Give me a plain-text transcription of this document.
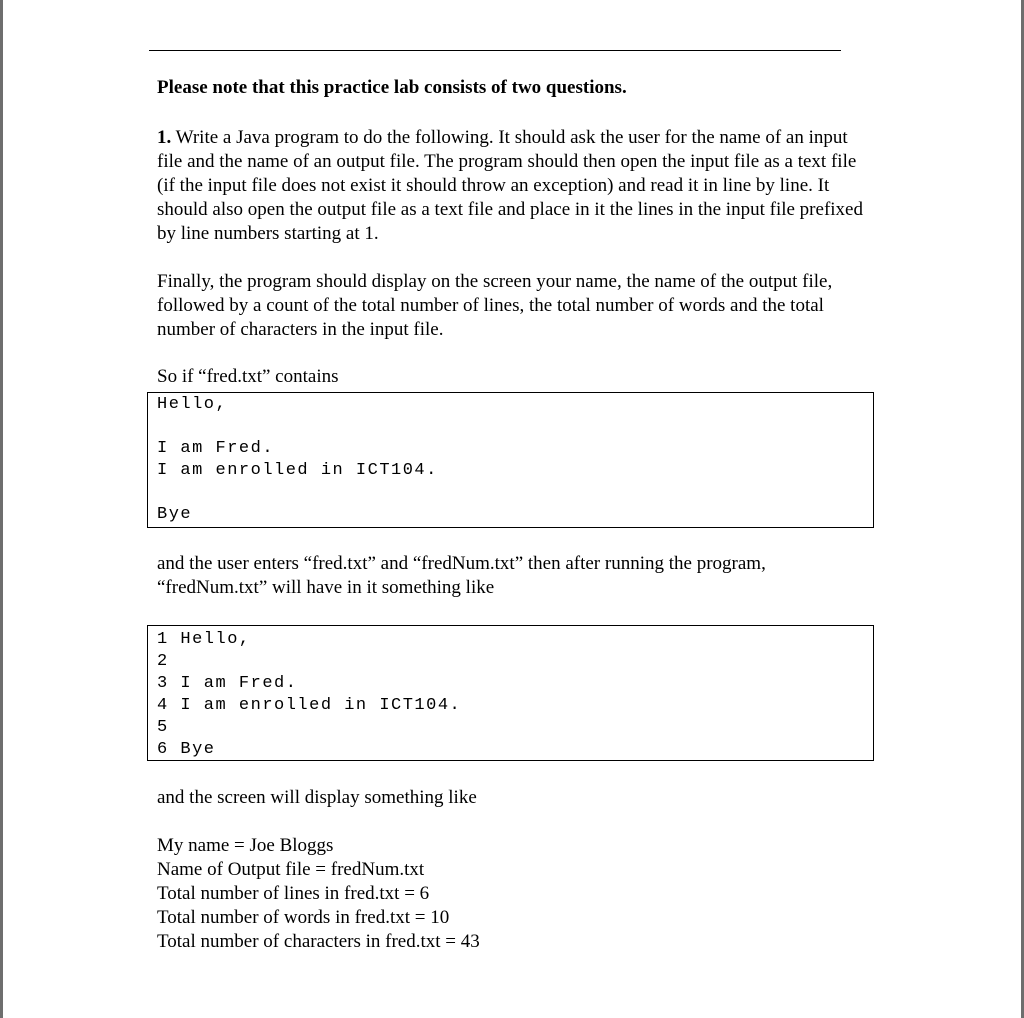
Please note that this practice lab consists of two questions.

1. Write a Java program to do the following. It should ask the user for the name of an input file and the name of an output file. The program should then open the input file as a text file (if the input file does not exist it should throw an exception) and read it in line by line. It should also open the output file as a text file and place in it the lines in the input file prefixed by line numbers starting at 1.

Finally, the program should display on the screen your name, the name of the output file, followed by a count of the total number of lines, the total number of words and the total number of characters in the input file.

So if “fred.txt” contains

Hello,
I am Fred.
I am enrolled in ICT104.
Bye

and the user enters “fred.txt” and “fredNum.txt” then after running the program, “fredNum.txt” will have in it something like

1 Hello,
2
3 I am Fred.
4 I am enrolled in ICT104.
5
6 Bye

and the screen will display something like

My name = Joe Bloggs
Name of Output file = fredNum.txt
Total number of lines in fred.txt = 6
Total number of words in fred.txt = 10
Total number of characters in fred.txt = 43
